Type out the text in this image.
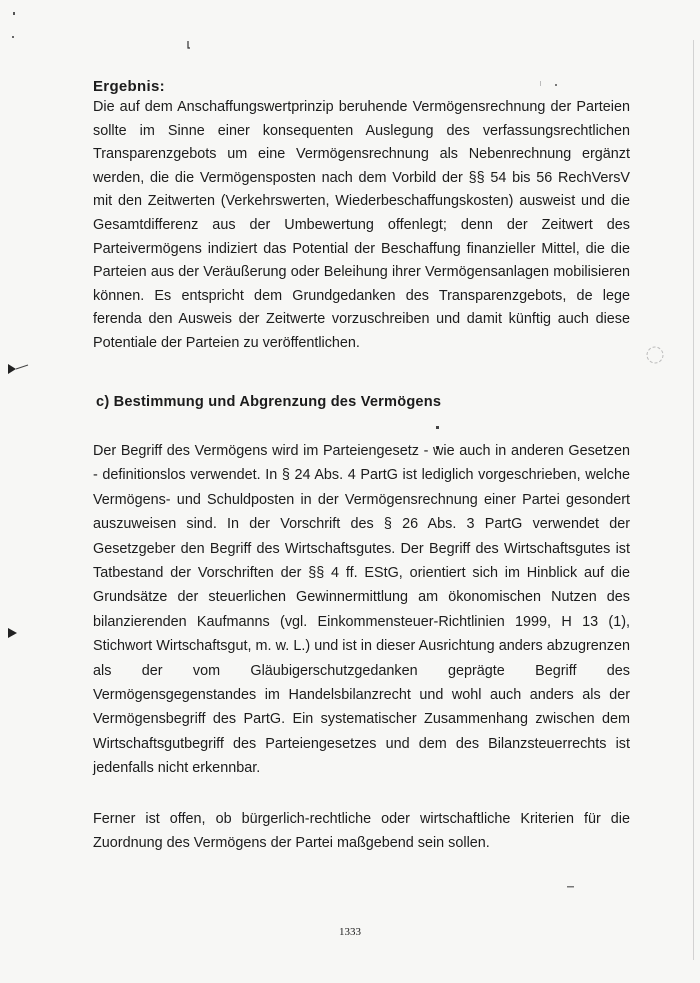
Ergebnis:

Die auf dem Anschaffungswertprinzip beruhende Vermögensrechnung der Parteien sollte im Sinne einer konsequenten Auslegung des verfassungsrechtlichen Transparenzgebots um eine Vermögensrechnung als Nebenrechnung ergänzt werden, die die Vermögensposten nach dem Vorbild der §§ 54 bis 56 RechVersV mit den Zeitwerten (Verkehrswerten, Wiederbeschaffungskosten) ausweist und die Gesamtdifferenz aus der Umbewertung offenlegt; denn der Zeitwert des Parteivermögens indiziert das Potential der Beschaffung finanzieller Mittel, die die Parteien aus der Veräußerung oder Beleihung ihrer Vermögensanlagen mobilisieren können. Es entspricht dem Grundgedanken des Transparenzgebots, de lege ferenda den Ausweis der Zeitwerte vorzuschreiben und damit künftig auch diese Potentiale der Parteien zu veröffentlichen.

c) Bestimmung und Abgrenzung des Vermögens

Der Begriff des Vermögens wird im Parteiengesetz - wie auch in anderen Gesetzen - definitionslos verwendet. In § 24 Abs. 4 PartG ist lediglich vorgeschrieben, welche Vermögens- und Schuldposten in der Vermögensrechnung einer Partei gesondert auszuweisen sind. In der Vorschrift des § 26 Abs. 3 PartG verwendet der Gesetzgeber den Begriff des Wirtschaftsgutes. Der Begriff des Wirtschaftsgutes ist Tatbestand der Vorschriften der §§ 4 ff. EStG, orientiert sich im Hinblick auf die Grundsätze der steuerlichen Gewinnermittlung am ökonomischen Nutzen des bilanzierenden Kaufmanns (vgl. Einkommensteuer-Richtlinien 1999, H 13 (1), Stichwort Wirtschaftsgut, m. w. L.) und ist in dieser Ausrichtung anders abzugrenzen als der vom Gläubigerschutzgedanken geprägte Begriff des Vermögensgegenstandes im Handelsbilanzrecht und wohl auch anders als der Vermögensbegriff des PartG. Ein systematischer Zusammenhang zwischen dem Wirtschaftsgutbegriff des Parteiengesetzes und dem des Bilanzsteuerrechts ist jedenfalls nicht erkennbar.

Ferner ist offen, ob bürgerlich-rechtliche oder wirtschaftliche Kriterien für die Zuordnung des Vermögens der Partei maßgebend sein sollen.

1333
